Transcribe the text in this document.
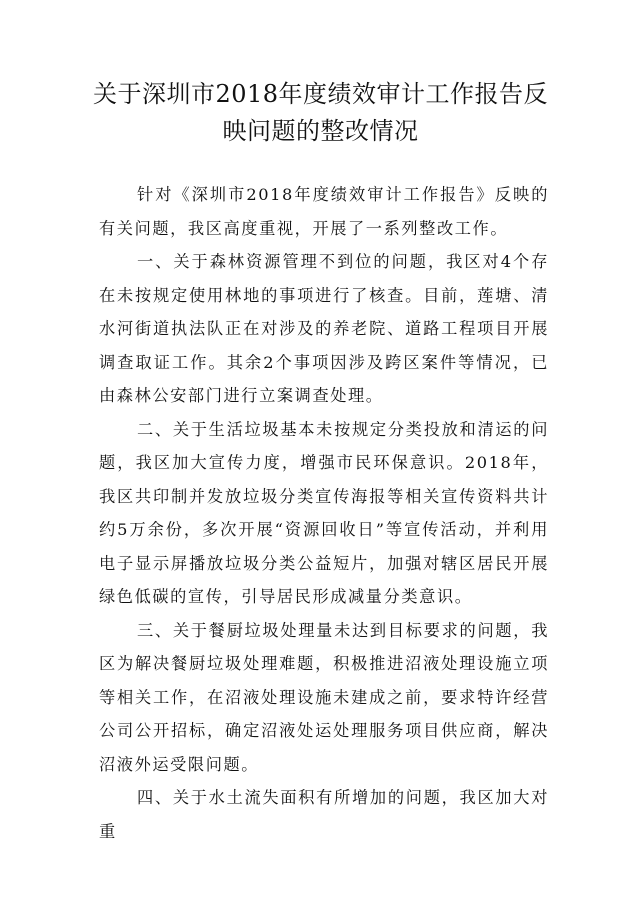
关于深圳市2018年度绩效审计工作报告反
映问题的整改情况

针对《深圳市2018年度绩效审计工作报告》反映的有关问题，我区高度重视，开展了一系列整改工作。

一、关于森林资源管理不到位的问题，我区对4个存在未按规定使用林地的事项进行了核查。目前，莲塘、清水河街道执法队正在对涉及的养老院、道路工程项目开展调查取证工作。其余2个事项因涉及跨区案件等情况，已由森林公安部门进行立案调查处理。

二、关于生活垃圾基本未按规定分类投放和清运的问题，我区加大宣传力度，增强市民环保意识。2018年，我区共印制并发放垃圾分类宣传海报等相关宣传资料共计约5万余份，多次开展“资源回收日”等宣传活动，并利用电子显示屏播放垃圾分类公益短片，加强对辖区居民开展绿色低碳的宣传，引导居民形成减量分类意识。

三、关于餐厨垃圾处理量未达到目标要求的问题，我区为解决餐厨垃圾处理难题，积极推进沼液处理设施立项等相关工作，在沼液处理设施未建成之前，要求特许经营公司公开招标，确定沼液处运处理服务项目供应商，解决沼液外运受限问题。

四、关于水土流失面积有所增加的问题，我区加大对重
